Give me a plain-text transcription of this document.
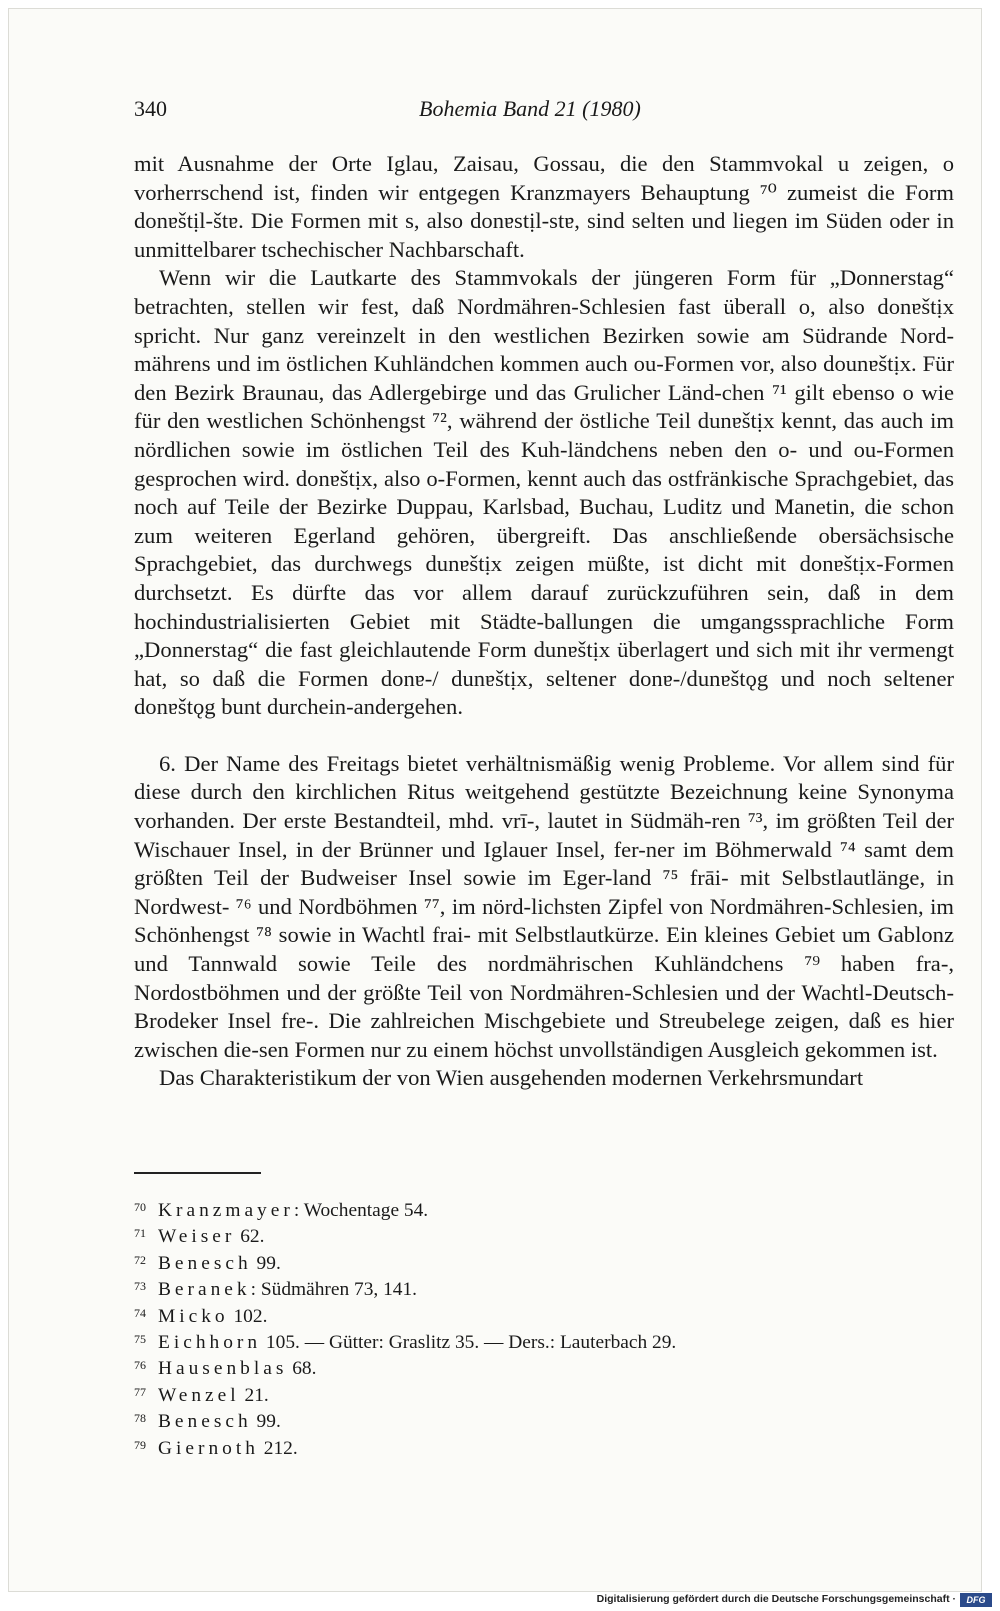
340	Bohemia Band 21 (1980)

mit Ausnahme der Orte Iglau, Zaisau, Gossau, die den Stammvokal u zeigen, o vorherrschend ist, finden wir entgegen Kranzmayers Behauptung ⁷⁰ zumeist die Form donɐštịl-štɐ. Die Formen mit s, also donɐstịl-stɐ, sind selten und liegen im Süden oder in unmittelbarer tschechischer Nachbarschaft.

Wenn wir die Lautkarte des Stammvokals der jüngeren Form für „Donnerstag“ betrachten, stellen wir fest, daß Nordmähren-Schlesien fast überall o, also donɐštịx spricht. Nur ganz vereinzelt in den westlichen Bezirken sowie am Südrande Nord-mährens und im östlichen Kuhländchen kommen auch ou-Formen vor, also dounɐštịx. Für den Bezirk Braunau, das Adlergebirge und das Grulicher Länd-chen ⁷¹ gilt ebenso o wie für den westlichen Schönhengst ⁷², während der östliche Teil dunɐštịx kennt, das auch im nördlichen sowie im östlichen Teil des Kuh-ländchens neben den o- und ou-Formen gesprochen wird. donɐštịx, also o-Formen, kennt auch das ostfränkische Sprachgebiet, das noch auf Teile der Bezirke Duppau, Karlsbad, Buchau, Luditz und Manetin, die schon zum weiteren Egerland gehören, übergreift. Das anschließende obersächsische Sprachgebiet, das durchwegs dunɐštịx zeigen müßte, ist dicht mit donɐštịx-Formen durchsetzt. Es dürfte das vor allem darauf zurückzuführen sein, daß in dem hochindustrialisierten Gebiet mit Städte-ballungen die umgangssprachliche Form „Donnerstag“ die fast gleichlautende Form dunɐštịx überlagert und sich mit ihr vermengt hat, so daß die Formen donɐ-/ dunɐštịx, seltener donɐ-/dunɐštǫg und noch seltener donɐštǫg bunt durchein-andergehen.

6. Der Name des Freitags bietet verhältnismäßig wenig Probleme. Vor allem sind für diese durch den kirchlichen Ritus weitgehend gestützte Bezeichnung keine Synonyma vorhanden. Der erste Bestandteil, mhd. vrī-, lautet in Südmäh-ren ⁷³, im größten Teil der Wischauer Insel, in der Brünner und Iglauer Insel, fer-ner im Böhmerwald ⁷⁴ samt dem größten Teil der Budweiser Insel sowie im Eger-land ⁷⁵ frāi- mit Selbstlautlänge, in Nordwest- ⁷⁶ und Nordböhmen ⁷⁷, im nörd-lichsten Zipfel von Nordmähren-Schlesien, im Schönhengst ⁷⁸ sowie in Wachtl frai- mit Selbstlautkürze. Ein kleines Gebiet um Gablonz und Tannwald sowie Teile des nordmährischen Kuhländchens ⁷⁹ haben fra-, Nordostböhmen und der größte Teil von Nordmähren-Schlesien und der Wachtl-Deutsch-Brodeker Insel fre-. Die zahlreichen Mischgebiete und Streubelege zeigen, daß es hier zwischen die-sen Formen nur zu einem höchst unvollständigen Ausgleich gekommen ist.

Das Charakteristikum der von Wien ausgehenden modernen Verkehrsmundart

70 Kranzmayer: Wochentage 54.
71 Weiser 62.
72 Benesch 99.
73 Beranek: Südmähren 73, 141.
74 Micko 102.
75 Eichhorn 105. — Gütter: Graslitz 35. — Ders.: Lauterbach 29.
76 Hausenblas 68.
77 Wenzel 21.
78 Benesch 99.
79 Giernoth 212.
Digitalisierung gefördert durch die Deutsche Forschungsgemeinschaft ·	DFG
